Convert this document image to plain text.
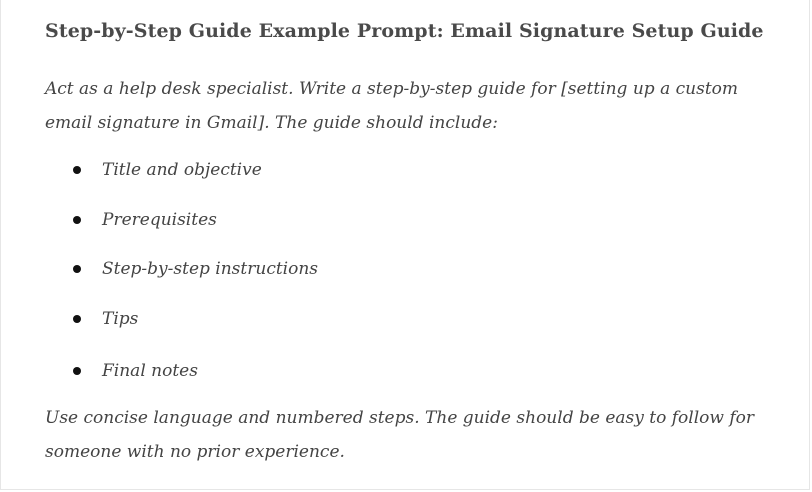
Step-by-Step Guide Example Prompt: Email Signature Setup Guide

Act as a help desk specialist. Write a step-by-step guide for [setting up a custom email signature in Gmail]. The guide should include:

Title and objective
Prerequisites
Step-by-step instructions
Tips
Final notes

Use concise language and numbered steps. The guide should be easy to follow for someone with no prior experience.
